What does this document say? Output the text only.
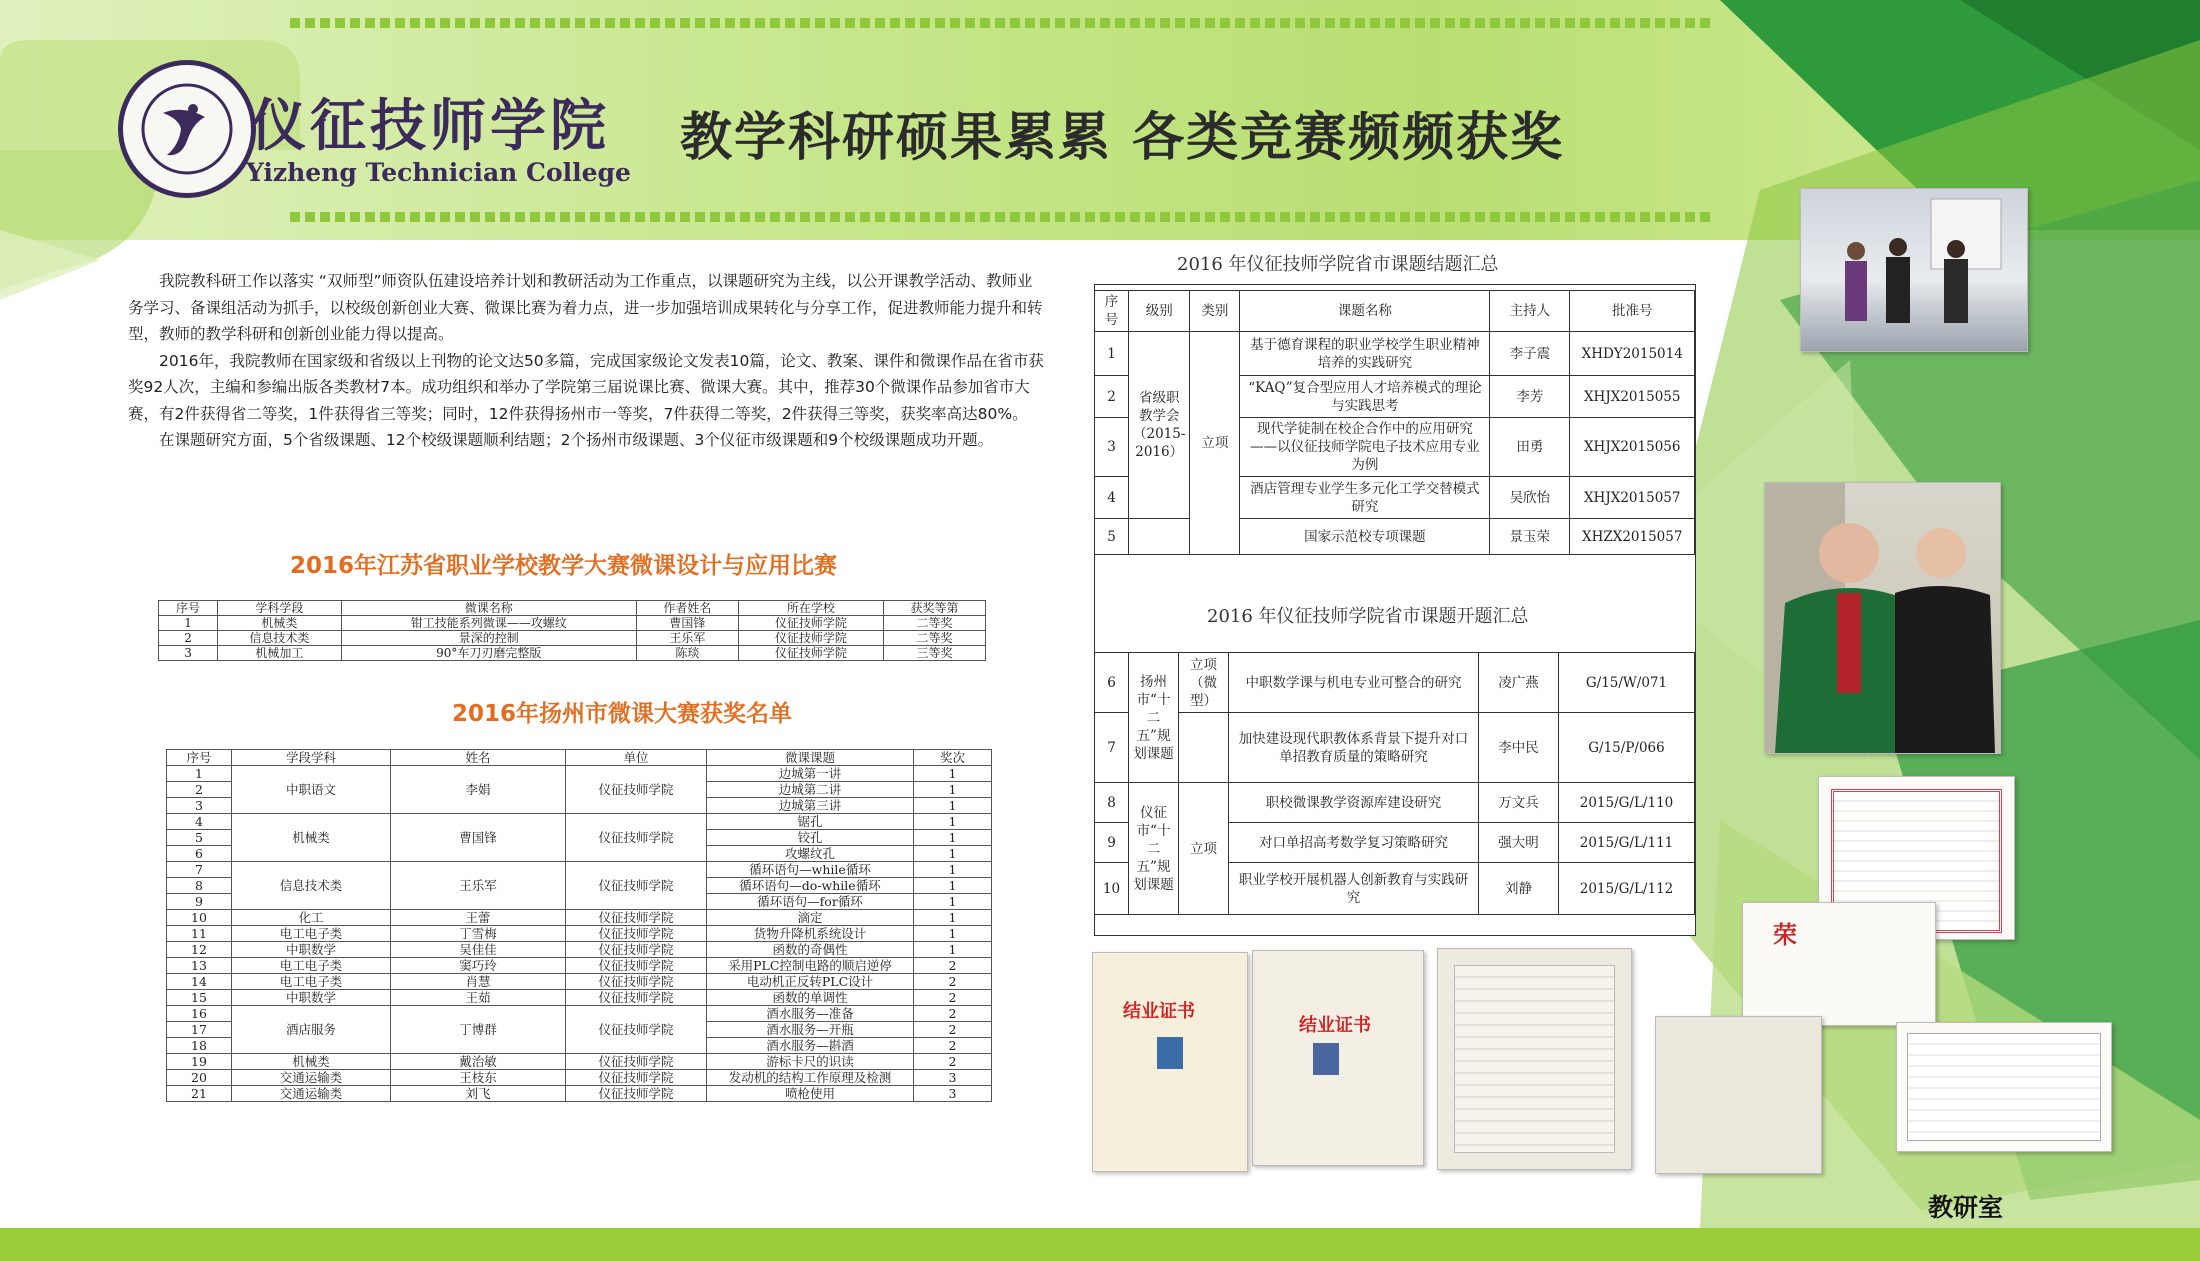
仪征技师学院
Yizheng Technician College
教学科研硕果累累 各类竞赛频频获奖

我院教科研工作以落实 “双师型”师资队伍建设培养计划和教研活动为工作重点，以课题研究为主线，以公开课教学活动、教师业务学习、备课组活动为抓手，以校级创新创业大赛、微课比赛为着力点，进一步加强培训成果转化与分享工作，促进教师能力提升和转型，教师的教学科研和创新创业能力得以提高。

2016年，我院教师在国家级和省级以上刊物的论文达50多篇，完成国家级论文发表10篇，论文、教案、课件和微课作品在省市获奖92人次，主编和参编出版各类教材7本。成功组织和举办了学院第三届说课比赛、微课大赛。其中，推荐30个微课作品参加省市大赛，有2件获得省二等奖，1件获得省三等奖；同时，12件获得扬州市一等奖，7件获得二等奖，2件获得三等奖，获奖率高达80%。

在课题研究方面，5个省级课题、12个校级课题顺利结题；2个扬州市级课题、3个仪征市级课题和9个校级课题成功开题。

2016年江苏省职业学校教学大赛微课设计与应用比赛
序号	学科学段	微课名称	作者姓名	所在学校	获奖等第
1	机械类	钳工技能系列微课——攻螺纹	曹国锋	仪征技师学院	二等奖
2	信息技术类	景深的控制	王乐军	仪征技师学院	二等奖
3	机械加工	90°车刀刃磨完整版	陈琰	仪征技师学院	三等奖
2016年扬州市微课大赛获奖名单
序号	学段学科	姓名	单位	微课课题	奖次
1	中职语文	李娟	仪征技师学院	边城第一讲	1
2				边城第二讲	1
3				边城第三讲	1
4	机械类	曹国锋	仪征技师学院	锯孔	1
5				铰孔	1
6				攻螺纹孔	1
7	信息技术类	王乐军	仪征技师学院	循环语句—while循环	1
8				循环语句—do-while循环	1
9				循环语句—for循环	1
10	化工	王蕾	仪征技师学院	滴定	1
11	电工电子类	丁雪梅	仪征技师学院	货物升降机系统设计	1
12	中职数学	吴佳佳	仪征技师学院	函数的奇偶性	1
13	电工电子类	窦巧玲	仪征技师学院	采用PLC控制电路的顺启逆停	2
14	电工电子类	肖慧	仪征技师学院	电动机正反转PLC设计	2
15	中职数学	王茹	仪征技师学院	函数的单调性	2
16	酒店服务	丁博群	仪征技师学院	酒水服务—准备	2
17				酒水服务—开瓶	2
18				酒水服务—斟酒	2
19	机械类	戴治敏	仪征技师学院	游标卡尺的识读	2
20	交通运输类	王枝东	仪征技师学院	发动机的结构工作原理及检测	3
21	交通运输类	刘飞	仪征技师学院	喷枪使用	3
2016 年仪征技师学院省市课题结题汇总
序号	级别	类别	课题名称	主持人	批准号
1	省级职教学会（2015-2016）	立项	基于德育课程的职业学校学生职业精神培养的实践研究	李子震	XHDY2015014
2			“KAQ”复合型应用人才培养模式的理论与实践思考	李芳	XHJX2015055
3			现代学徒制在校企合作中的应用研究——以仪征技师学院电子技术应用专业为例	田勇	XHJX2015056
4			酒店管理专业学生多元化工学交替模式研究	吴欣怡	XHJX2015057
5			国家示范校专项课题	景玉荣	XHZX2015057
2016 年仪征技师学院省市课题开题汇总
6	扬州市“十二五”规划课题	立项（微型）	中职数学课与机电专业可整合的研究	凌广燕	G/15/W/071
7			加快建设现代职教体系背景下提升对口单招教育质量的策略研究	李中民	G/15/P/066
8	仪征市“十二五”规划课题	立项	职校微课教学资源库建设研究	万文兵	2015/G/L/110
9			对口单招高考数学复习策略研究	强大明	2015/G/L/111
10			职业学校开展机器人创新教育与实践研究	刘静	2015/G/L/112
荣
结业证书
结业证书
教研室
